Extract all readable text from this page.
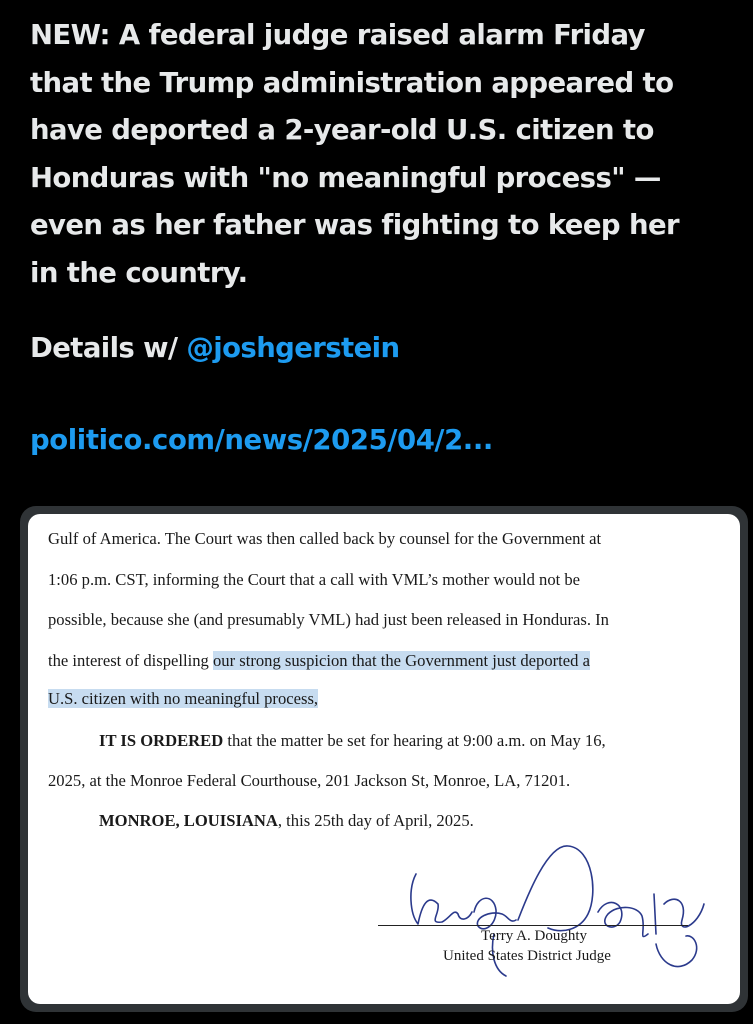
NEW: A federal judge raised alarm Friday
that the Trump administration appeared to
have deported a 2-year-old U.S. citizen to
Honduras with "no meaningful process" —
even as her father was fighting to keep her
in the country.
Details w/ @joshgerstein
politico.com/news/2025/04/2...
Gulf of America. The Court was then called back by counsel for the Government at
1:06 p.m. CST, informing the Court that a call with VML’s mother would not be
possible, because she (and presumably VML) had just been released in Honduras. In
the interest of dispelling our strong suspicion that the Government just deported a
U.S. citizen with no meaningful process,
IT IS ORDERED that the matter be set for hearing at 9:00 a.m. on May 16,
2025, at the Monroe Federal Courthouse, 201 Jackson St, Monroe, LA, 71201.
MONROE, LOUISIANA, this 25th day of April, 2025.
Terry A. Doughty
United States District Judge
